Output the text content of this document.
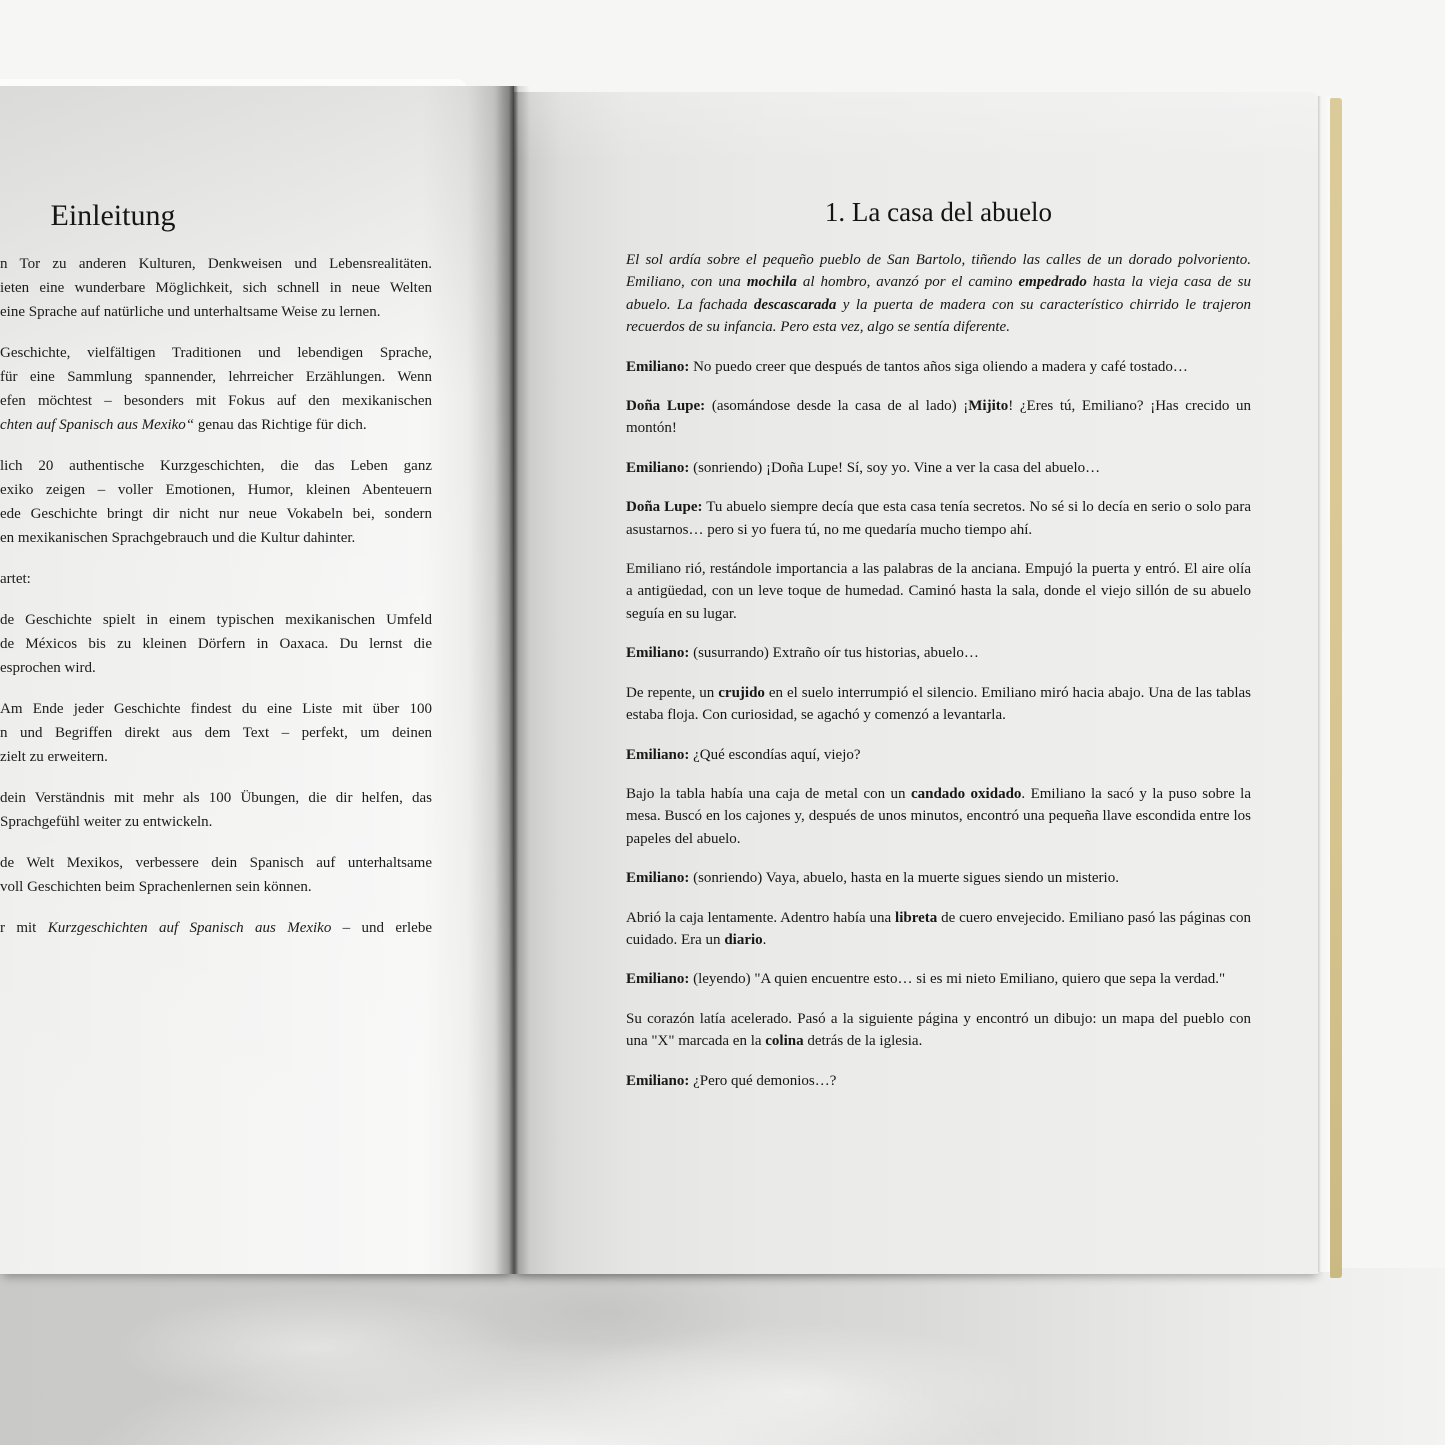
Einleitung
n Tor zu anderen Kulturen, Denkweisen und Lebensrealitäten.
ieten eine wunderbare Möglichkeit, sich schnell in neue Welten
eine Sprache auf natürliche und unterhaltsame Weise zu lernen.
Geschichte, vielfältigen Traditionen und lebendigen Sprache,
für eine Sammlung spannender, lehrreicher Erzählungen. Wenn
efen möchtest – besonders mit Fokus auf den mexikanischen
chten auf Spanisch aus Mexiko“ genau das Richtige für dich.
lich 20 authentische Kurzgeschichten, die das Leben ganz
exiko zeigen – voller Emotionen, Humor, kleinen Abenteuern
ede Geschichte bringt dir nicht nur neue Vokabeln bei, sondern
en mexikanischen Sprachgebrauch und die Kultur dahinter.
artet:
de Geschichte spielt in einem typischen mexikanischen Umfeld
de Méxicos bis zu kleinen Dörfern in Oaxaca. Du lernst die
esprochen wird.
Am Ende jeder Geschichte findest du eine Liste mit über 100
n und Begriffen direkt aus dem Text – perfekt, um deinen
zielt zu erweitern.
dein Verständnis mit mehr als 100 Übungen, die dir helfen, das
Sprachgefühl weiter zu entwickeln.
de Welt Mexikos, verbessere dein Spanisch auf unterhaltsame
voll Geschichten beim Sprachenlernen sein können.
r mit Kurzgeschichten auf Spanisch aus Mexiko – und erlebe
1. La casa del abuelo

El sol ardía sobre el pequeño pueblo de San Bartolo, tiñendo las calles de un dorado polvoriento. Emiliano, con una mochila al hombro, avanzó por el camino empedrado hasta la vieja casa de su abuelo. La fachada descascarada y la puerta de madera con su característico chirrido le trajeron recuerdos de su infancia. Pero esta vez, algo se sentía diferente.

Emiliano: No puedo creer que después de tantos años siga oliendo a madera y café tostado…

Doña Lupe: (asomándose desde la casa de al lado) ¡Mijito! ¿Eres tú, Emiliano? ¡Has crecido un montón!

Emiliano: (sonriendo) ¡Doña Lupe! Sí, soy yo. Vine a ver la casa del abuelo…

Doña Lupe: Tu abuelo siempre decía que esta casa tenía secretos. No sé si lo decía en serio o solo para asustarnos… pero si yo fuera tú, no me quedaría mucho tiempo ahí.

Emiliano rió, restándole importancia a las palabras de la anciana. Empujó la puerta y entró. El aire olía a antigüedad, con un leve toque de humedad. Caminó hasta la sala, donde el viejo sillón de su abuelo seguía en su lugar.

Emiliano: (susurrando) Extraño oír tus historias, abuelo…

De repente, un crujido en el suelo interrumpió el silencio. Emiliano miró hacia abajo. Una de las tablas estaba floja. Con curiosidad, se agachó y comenzó a levantarla.

Emiliano: ¿Qué escondías aquí, viejo?

Bajo la tabla había una caja de metal con un candado oxidado. Emiliano la sacó y la puso sobre la mesa. Buscó en los cajones y, después de unos minutos, encontró una pequeña llave escondida entre los papeles del abuelo.

Emiliano: (sonriendo) Vaya, abuelo, hasta en la muerte sigues siendo un misterio.

Abrió la caja lentamente. Adentro había una libreta de cuero envejecido. Emiliano pasó las páginas con cuidado. Era un diario.

Emiliano: (leyendo) "A quien encuentre esto… si es mi nieto Emiliano, quiero que sepa la verdad."

Su corazón latía acelerado. Pasó a la siguiente página y encontró un dibujo: un mapa del pueblo con una "X" marcada en la colina detrás de la iglesia.

Emiliano: ¿Pero qué demonios…?
